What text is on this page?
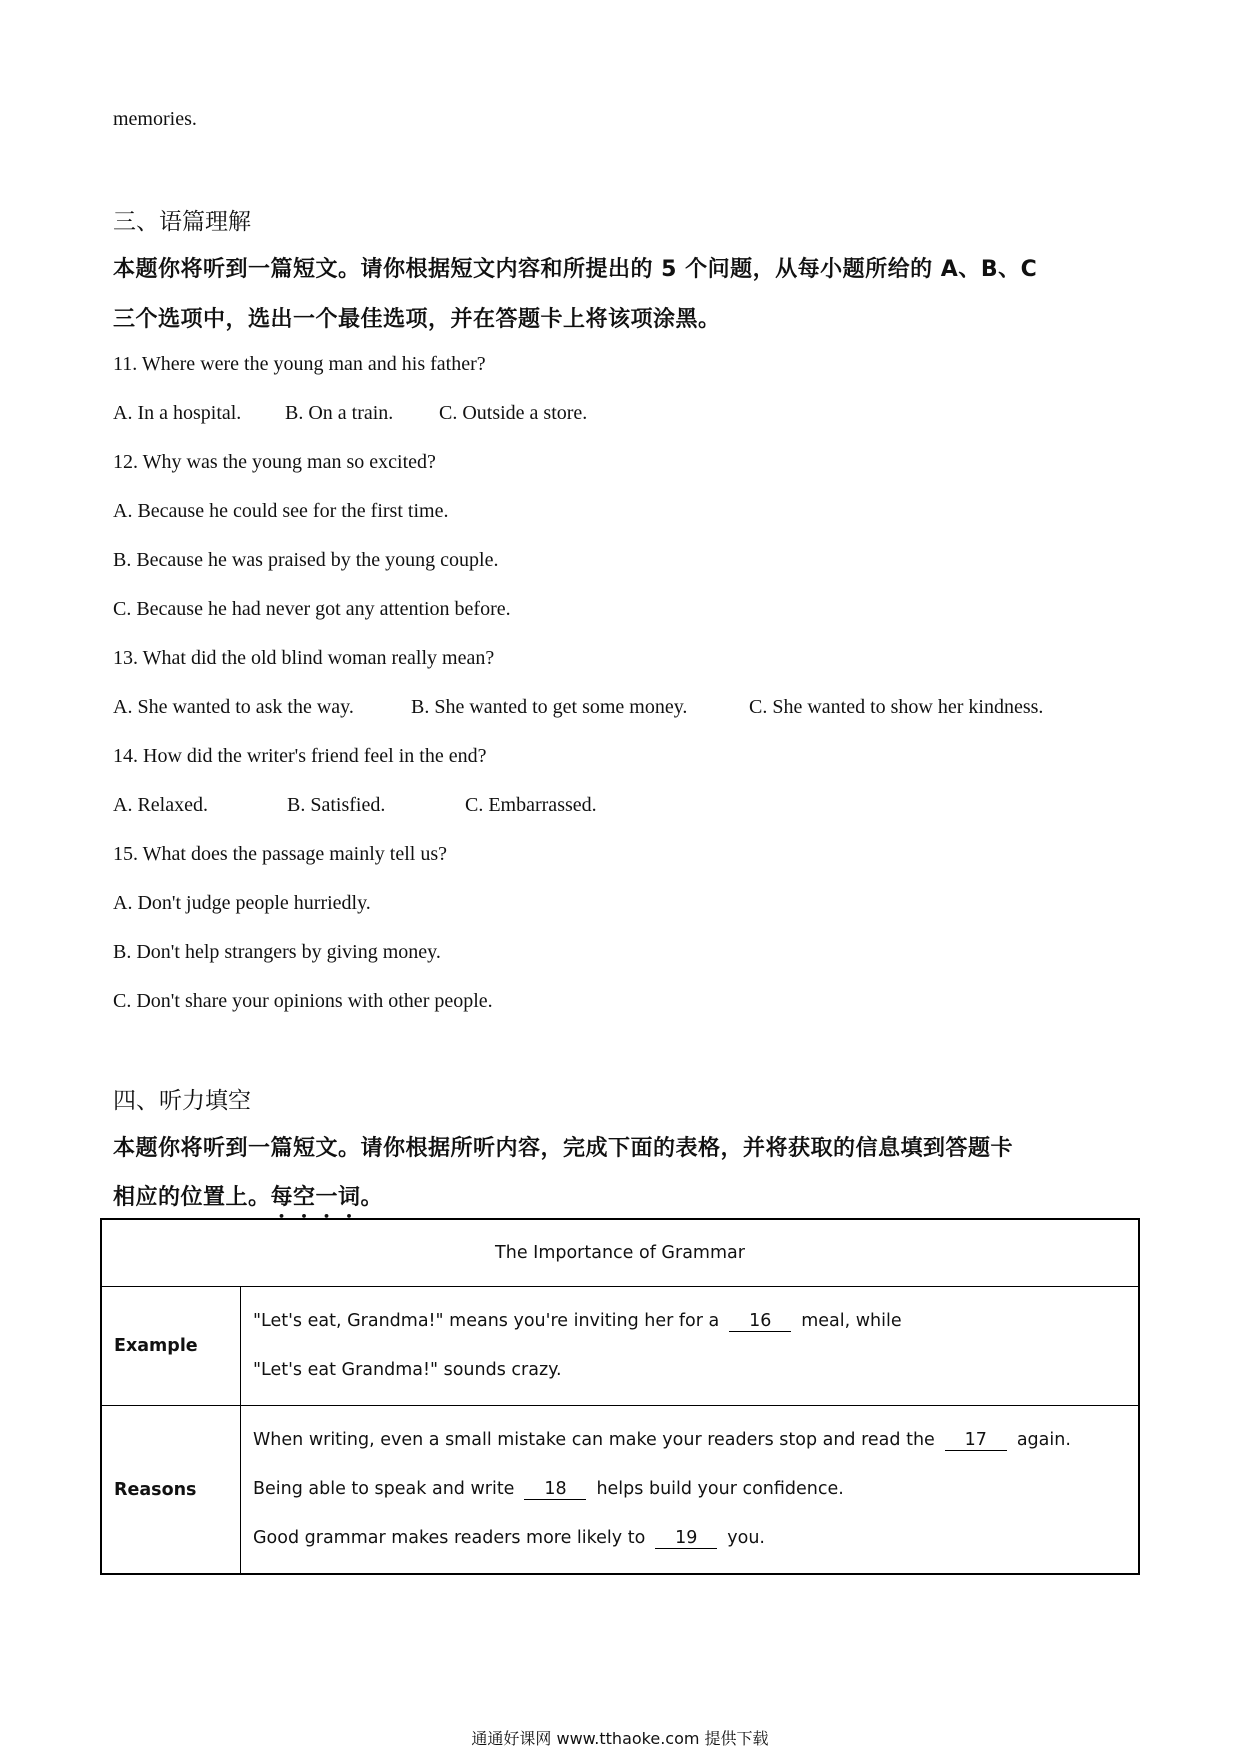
memories.
三、语篇理解
本题你将听到一篇短文。请你根据短文内容和所提出的 5 个问题，从每小题所给的 A、B、C
三个选项中，选出一个最佳选项，并在答题卡上将该项涂黑。
11. Where were the young man and his father?
A. In a hospital. B. On a train. C. Outside a store.
12. Why was the young man so excited?
A. Because he could see for the first time.
B. Because he was praised by the young couple.
C. Because he had never got any attention before.
13. What did the old blind woman really mean?
A. She wanted to ask the way.	B. She wanted to get some money.	C. She wanted to show her kindness.
14. How did the writer's friend feel in the end?
A. Relaxed.	B. Satisfied.	C. Embarrassed.
15. What does the passage mainly tell us?
A. Don't judge people hurriedly.
B. Don't help strangers by giving money.
C. Don't share your opinions with other people.
四、听力填空
本题你将听到一篇短文。请你根据所听内容，完成下面的表格，并将获取的信息填到答题卡
相应的位置上。每空一词。
The Importance of Grammar	
Example	"Let's eat, Grandma!" means you're inviting her for a 16 meal, while
"Let's eat Grandma!" sounds crazy.

Reasons	When writing, even a small mistake can make your readers stop and read the 17 again.
Being able to speak and write 18 helps build your confidence.
Good grammar makes readers more likely to 19 you.
通通好课网 www.tthaoke.com 提供下载
